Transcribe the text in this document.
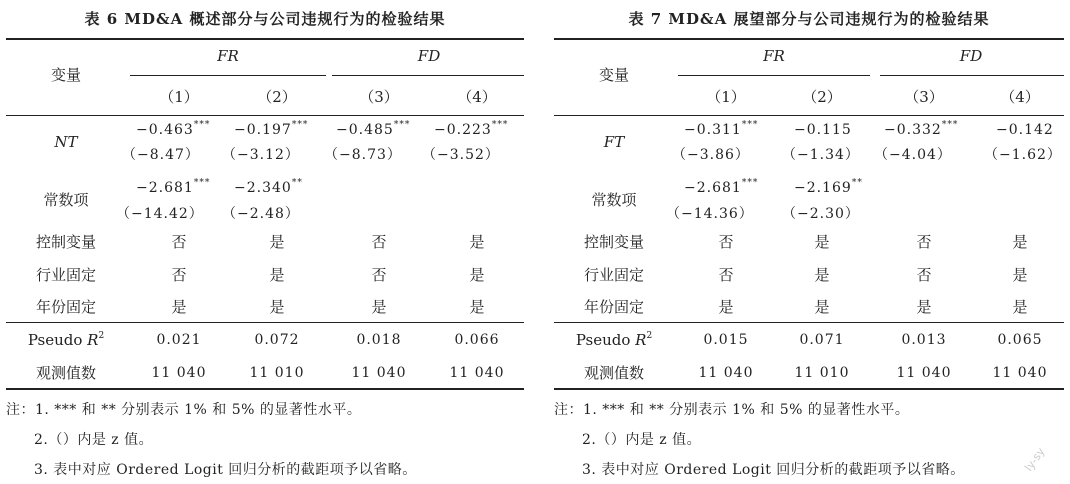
表 6 MD&A 概述部分与公司违规行为的检验结果
变量
FR	FD
（1）	（2）	（3）	（4）
NT
−0.463*** −0.197*** −0.485*** −0.223***
（−8.47） （−3.12） （−8.73） （−3.52）
常数项
−2.681*** −2.340**
（−14.42） （−2.48）
控制变量	否	是	否	是
行业固定	否	是	否	是
年份固定	是	是	是	是
Pseudo $R^2$	0.021	0.072	0.018	0.066
观测值数	11 040	11 010	11 040	11 040
注：1. *** 和 ** 分别表示 1% 和 5% 的显著性水平。
2.（）内是 z 值。
3. 表中对应 Ordered Logit 回归分析的截距项予以省略。
表 7 MD&A 展望部分与公司违规行为的检验结果
变量
FR	FD
（1）	（2）	（3）	（4）
FT
−0.311***	−0.115 −0.332***	−0.142
（−3.86） （−1.34） （−4.04） （−1.62）
常数项
−2.681***	−2.169**
（−14.36） （−2.30）
控制变量	否	是	否	是
行业固定	否	是	否	是
年份固定	是	是	是	是
Pseudo $R^2$	0.015	0.071	0.013	0.065
观测值数	11 040	11 010	11 040	11 040
注：1. *** 和 ** 分别表示 1% 和 5% 的显著性水平。
2.（）内是 z 值。
3. 表中对应 Ordered Logit 回归分析的截距项予以省略。	ly-sy
